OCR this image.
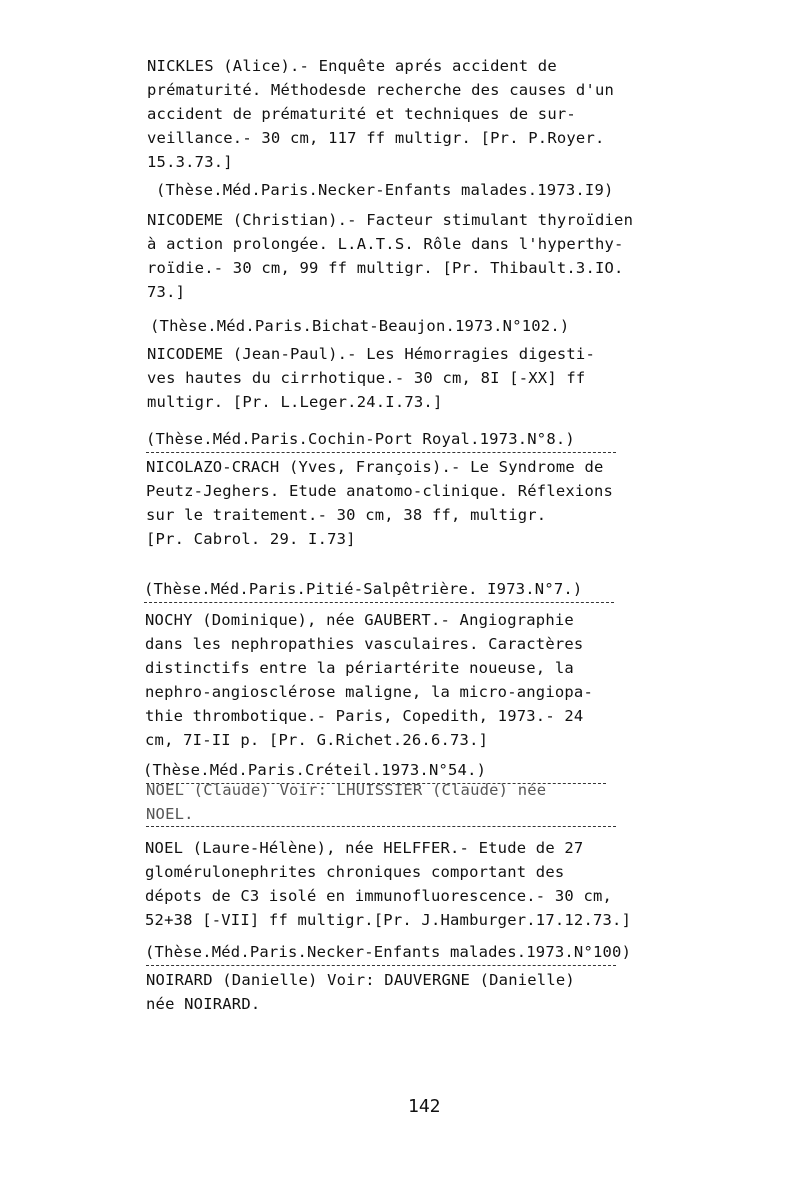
NICKLES (Alice).- Enquête aprés accident de
prématurité. Méthodesde recherche des causes d'un
accident de prématurité et techniques de sur-
veillance.- 30 cm, 117 ff multigr. [Pr. P.Royer.
15.3.73.]

(Thèse.Méd.Paris.Necker-Enfants malades.1973.I9)

NICODEME (Christian).- Facteur stimulant thyroïdien
à action prolongée. L.A.T.S. Rôle dans l'hyperthy-
roïdie.- 30 cm, 99 ff multigr. [Pr. Thibault.3.IO.
73.]

(Thèse.Méd.Paris.Bichat-Beaujon.1973.N°102.)

NICODEME (Jean-Paul).- Les Hémorragies digesti-
ves hautes du cirrhotique.- 30 cm, 8I [-XX] ff
multigr. [Pr. L.Leger.24.I.73.]

(Thèse.Méd.Paris.Cochin-Port Royal.1973.N°8.)

NICOLAZO-CRACH (Yves, François).- Le Syndrome de
Peutz-Jeghers. Etude anatomo-clinique. Réflexions
sur le traitement.- 30 cm, 38 ff, multigr.
[Pr. Cabrol. 29. I.73]

(Thèse.Méd.Paris.Pitié-Salpêtrière. I973.N°7.)

NOCHY (Dominique), née GAUBERT.- Angiographie
dans les nephropathies vasculaires. Caractères
distinctifs entre la périartérite noueuse, la
nephro-angiosclérose maligne, la micro-angiopa-
thie thrombotique.- Paris, Copedith, 1973.- 24
cm, 7I-II p. [Pr. G.Richet.26.6.73.]

(Thèse.Méd.Paris.Créteil.1973.N°54.)

NOEL (Claude) Voir: LHUISSIER (Claude) née
NOEL.

NOEL (Laure-Hélène), née HELFFER.- Etude de 27
glomérulonephrites chroniques comportant des
dépots de C3 isolé en immunofluorescence.- 30 cm,
52+38 [-VII] ff multigr.[Pr. J.Hamburger.17.12.73.]

(Thèse.Méd.Paris.Necker-Enfants malades.1973.N°100)

NOIRARD (Danielle) Voir: DAUVERGNE (Danielle)
née NOIRARD.

142
